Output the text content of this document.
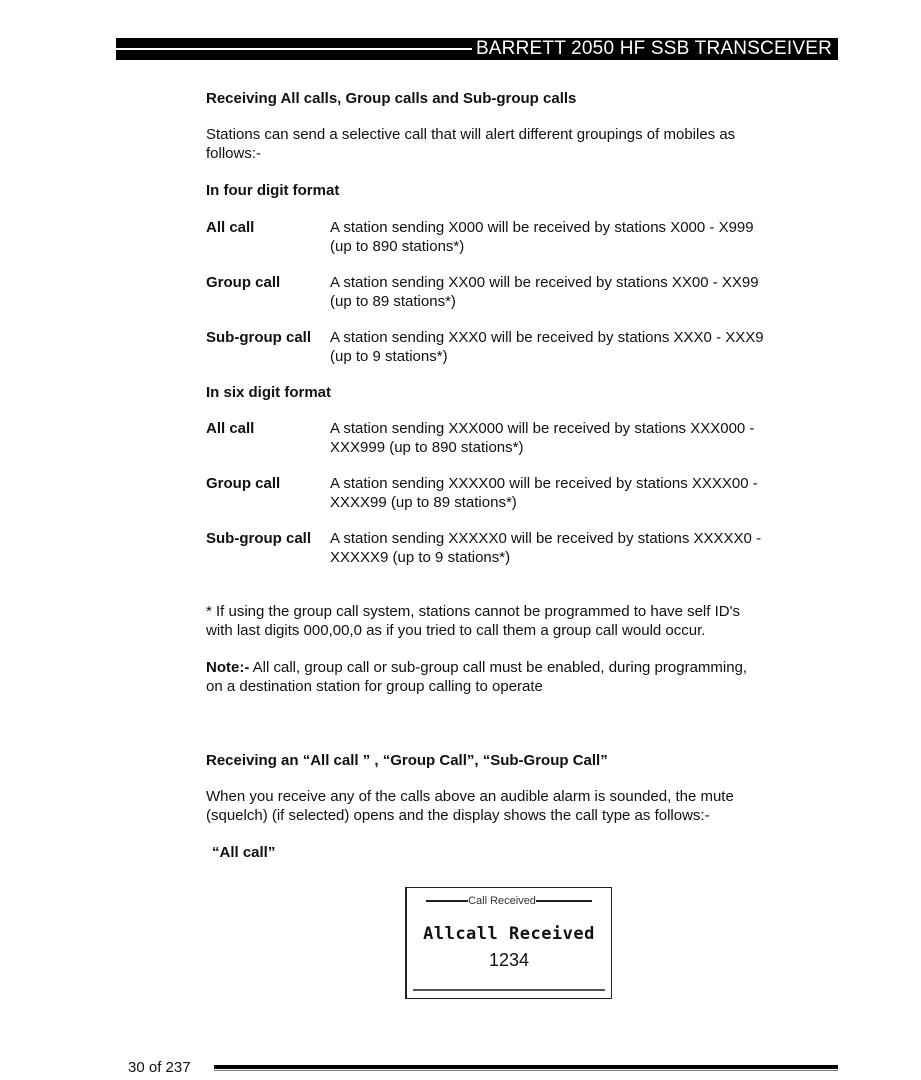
BARRETT 2050 HF SSB TRANSCEIVER
Receiving All calls, Group calls and Sub-group calls
Stations can send a selective call that will alert different groupings of mobiles as
follows:-
In four digit format
All call	A station sending X000 will be received by stations X000 - X999
(up to 890 stations*)
Group call	A station sending XX00 will be received by stations XX00 - XX99
(up to 89 stations*)
Sub-group call	A station sending XXX0 will be received by stations XXX0 - XXX9
(up to 9 stations*)
In six digit format
All call	A station sending XXX000 will be received by stations XXX000 -
XXX999 (up to 890 stations*)
Group call	A station sending XXXX00 will be received by stations XXXX00 -
XXXX99 (up to 89 stations*)
Sub-group call	A station sending XXXXX0 will be received by stations XXXXX0 -
XXXXX9 (up to 9 stations*)
* If using the group call system, stations cannot be programmed to have self ID's
with last digits 000,00,0 as if you tried to call them a group call would occur.
Note:- All call, group call or sub-group call must be enabled, during programming,
on a destination station for group calling to operate
Receiving an “All call ” , “Group Call”, “Sub-Group Call”
When you receive any of the calls above an audible alarm is sounded, the mute
(squelch) (if selected) opens and the display shows the call type as follows:-
“All call”
Call Received
Allcall Received
1234
30 of 237
